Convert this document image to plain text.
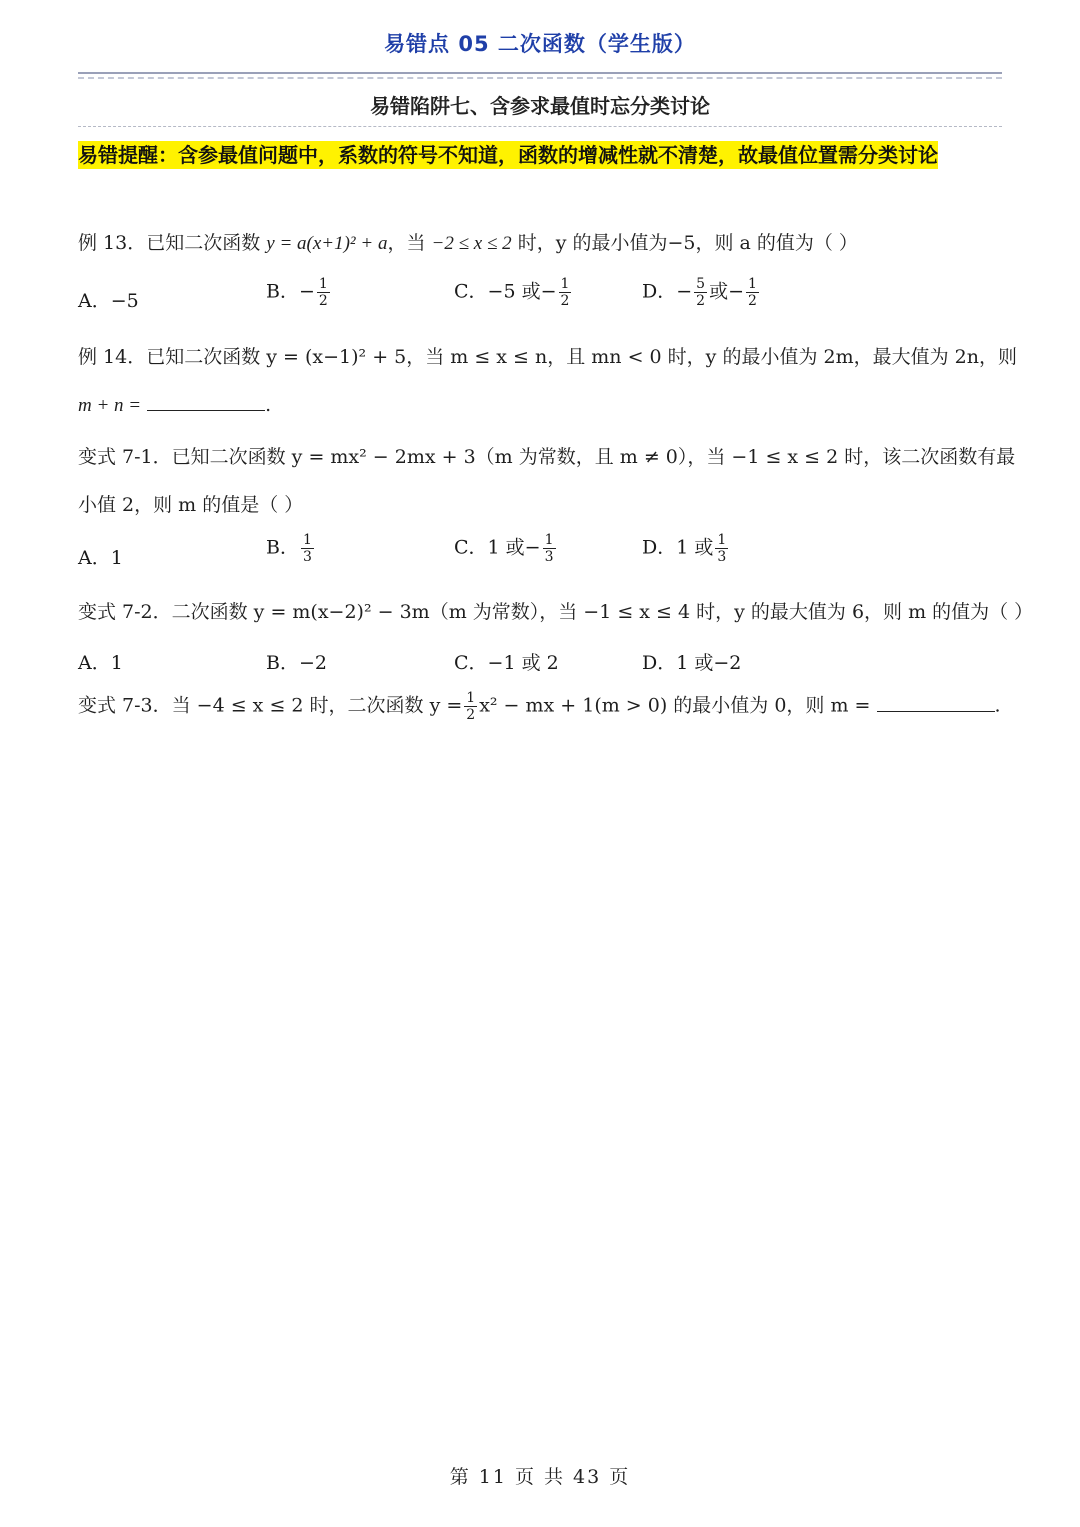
易错点 05 二次函数（学生版）
易错陷阱七、含参求最值时忘分类讨论
易错提醒：含参最值问题中，系数的符号不知道，函数的增减性就不清楚，故最值位置需分类讨论
例 13．已知二次函数 y = a(x+1)² + a，当 −2 ≤ x ≤ 2 时，y 的最小值为−5，则 a 的值为（ ）
A．−5	B．− $\frac{1}{2}$	C．−5 或− $\frac{1}{2}$	D．− $\frac{5}{2}$ 或− $\frac{1}{2}$
例 14．已知二次函数 y = (x−1)² + 5，当 m ≤ x ≤ n，且 mn < 0 时，y 的最小值为 2m，最大值为 2n，则
m + n =	.
变式 7-1．已知二次函数 y = mx² − 2mx + 3（m 为常数，且 m ≠ 0），当 −1 ≤ x ≤ 2 时，该二次函数有最
小值 2，则 m 的值是（ ）
A．1	B． $\frac{1}{3}$	C．1 或− $\frac{1}{3}$	D．1 或 $\frac{1}{3}$
变式 7-2．二次函数 y = m(x−2)² − 3m（m 为常数），当 −1 ≤ x ≤ 4 时，y 的最大值为 6，则 m 的值为（ ）
A．1	B．−2	C．−1 或 2	D．1 或−2
变式 7-3．当 −4 ≤ x ≤ 2 时，二次函数 $y = \frac{1}{2} x^2$ − mx + 1(m > 0) 的最小值为 0，则 m =	.
第 11 页 共 43 页
